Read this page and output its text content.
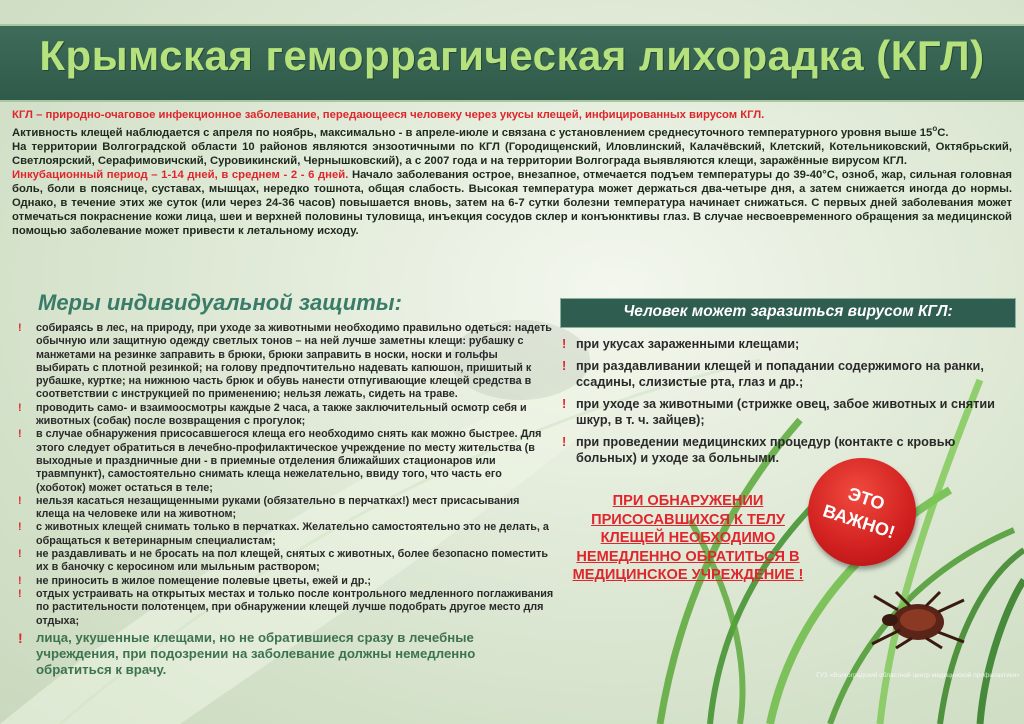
Крымская геморрагическая лихорадка (КГЛ)

КГЛ – природно-очаговое инфекционное заболевание, передающееся человеку через укусы клещей, инфицированных вирусом КГЛ.

Активность клещей наблюдается с апреля по ноябрь, максимально - в апреле-июле и связана с установлением среднесуточного температурного уровня выше $15^оС$.

На территории Волгоградской области 10 районов являются энзоотичными по КГЛ (Городищенский, Иловлинский, Калачёвский, Клетский, Котельниковский, Октябрьский, Светлоярский, Серафимовичский, Суровикинский, Чернышковский), а с 2007 года и на территории Волгограда выявляются клещи, заражённые вирусом КГЛ.

Инкубационный период – 1-14 дней, в среднем - 2 - 6 дней. Начало заболевания острое, внезапное, отмечается подъем температуры до 39-40°С, озноб, жар, сильная головная боль, боли в пояснице, суставах, мышцах, нередко тошнота, общая слабость. Высокая температура может держаться два-четыре дня, а затем снижается иногда до нормы. Однако, в течение этих же суток (или через 24-36 часов) повышается вновь, затем на 6-7 сутки болезни температура начинает снижаться. С первых дней заболевания может отмечаться покраснение кожи лица, шеи и верхней половины туловища, инъекция сосудов склер и конъюнктивы глаз. В случае несвоевременного обращения за медицинской помощью заболевание может привести к летальному исходу.

Меры индивидуальной защиты:
! собираясь в лес, на природу, при уходе за животными необходимо правильно одеться: надеть обычную или защитную одежду светлых тонов – на ней лучше заметны клещи: рубашку с манжетами на резинке заправить в брюки, брюки заправить в носки, носки и гольфы выбирать с плотной резинкой; на голову предпочтительно надевать капюшон, пришитый к рубашке, куртке; на нижнюю часть брюк и обувь нанести отпугивающие клещей средства в соответствии с инструкцией по применению; нельзя лежать, сидеть на траве.
! проводить само- и взаимоосмотры каждые 2 часа, а также заключительный осмотр себя и животных (собак) после возвращения с прогулок;
! в случае обнаружения присосавшегося клеща его необходимо снять как можно быстрее. Для этого следует обратиться в лечебно-профилактическое учреждение по месту жительства (в выходные и праздничные дни - в приемные отделения ближайших стационаров или травмпункт), самостоятельно снимать клеща нежелательно, ввиду того, что часть его (хоботок) может остаться в теле;
! нельзя касаться незащищенными руками (обязательно в перчатках!) мест присасывания клеща на человеке или на животном;
! с животных клещей снимать только в перчатках. Желательно самостоятельно это не делать, а обращаться к ветеринарным специалистам;
! не раздавливать и не бросать на пол клещей, снятых с животных, более безопасно поместить их в баночку с керосином или мыльным раствором;
! не приносить в жилое помещение полевые цветы, ежей и др.;
! отдых устраивать на открытых местах и только после контрольного медленного поглаживания по растительности полотенцем, при обнаружении клещей лучше подобрать другое место для отдыха;
! лица, укушенные клещами, но не обратившиеся сразу в лечебные учреждения, при подозрении на заболевание должны немедленно обратиться к врачу.
Человек может заразиться вирусом КГЛ:
! при укусах зараженными клещами;
! при раздавливании клещей и попадании содержимого на ранки, ссадины, слизистые рта, глаз и др.;
! при уходе за животными (стрижке овец, забое животных и снятии шкур, в т. ч. зайцев);
! при проведении медицинских процедур (контакте с кровью больных) и уходе за больными.

ПРИ ОБНАРУЖЕНИИ ПРИСОСАВШИХСЯ К ТЕЛУ КЛЕЩЕЙ НЕОБХОДИМО НЕМЕДЛЕННО ОБРАТИТЬСЯ В МЕДИЦИНСКОЕ УЧРЕЖДЕНИЕ !

ЭТО ВАЖНО!

ГУЗ «Волгоградский областной центр медицинской профилактики»
